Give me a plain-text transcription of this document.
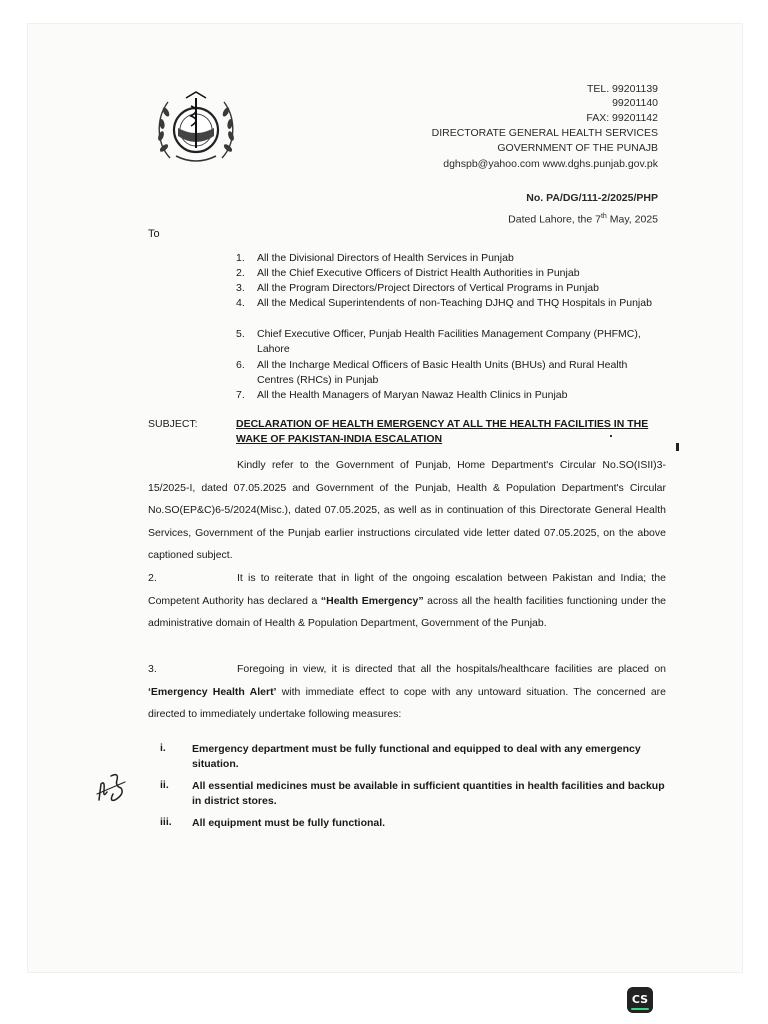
TEL. 99201139
99201140
FAX: 99201142
DIRECTORATE GENERAL HEALTH SERVICES
GOVERNMENT OF THE PUNAJB
dghspb@yahoo.com www.dghs.punjab.gov.pk
No. PA/DG/111-2/2025/PHP
Dated Lahore, the 7th May, 2025
To
1.	All the Divisional Directors of Health Services in Punjab
2.	All the Chief Executive Officers of District Health Authorities in Punjab
3.	All the Program Directors/Project Directors of Vertical Programs in Punjab
4.	All the Medical Superintendents of non-Teaching DJHQ and THQ Hospitals in Punjab
5.	Chief Executive Officer, Punjab Health Facilities Management Company (PHFMC), Lahore
6.	All the Incharge Medical Officers of Basic Health Units (BHUs) and Rural Health Centres (RHCs) in Punjab
7.	All the Health Managers of Maryan Nawaz Health Clinics in Punjab
SUBJECT:	DECLARATION OF HEALTH EMERGENCY AT ALL THE HEALTH FACILITIES IN THE WAKE OF PAKISTAN-INDIA ESCALATION
Kindly refer to the Government of Punjab, Home Department's Circular No.SO(ISII)3-15/2025-I, dated 07.05.2025 and Government of the Punjab, Health & Population Department's Circular No.SO(EP&C)6-5/2024(Misc.), dated 07.05.2025, as well as in continuation of this Directorate General Health Services, Government of the Punjab earlier instructions circulated vide letter dated 07.05.2025, on the above captioned subject.
2.	It is to reiterate that in light of the ongoing escalation between Pakistan and India; the Competent Authority has declared a “Health Emergency” across all the health facilities functioning under the administrative domain of Health & Population Department, Government of the Punjab.
3.	Foregoing in view, it is directed that all the hospitals/healthcare facilities are placed on ‘Emergency Health Alert’ with immediate effect to cope with any untoward situation. The concerned are directed to immediately undertake following measures:
i. Emergency department must be fully functional and equipped to deal with any emergency situation.
ii. All essential medicines must be available in sufficient quantities in health facilities and backup in district stores.
iii. All equipment must be fully functional.
CS
